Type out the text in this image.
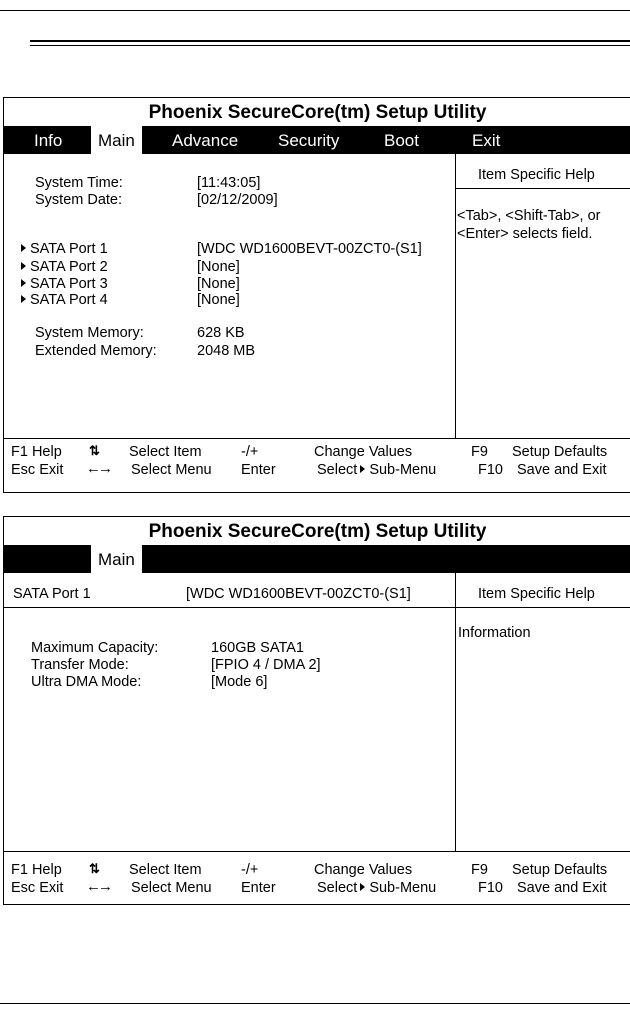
Phoenix SecureCore(tm) Setup Utility
Info	Main	Advance Security	Boot	Exit
Item Specific Help
<Tab>, <Shift-Tab>, or
<Enter> selects field.
System Time:	[11:43:05]
System Date:	[02/12/2009]
SATA Port 1	[WDC WD1600BEVT-00ZCT0-(S1]
SATA Port 2	[None]
SATA Port 3	[None]
SATA Port 4	[None]
System Memory:	628 KB
Extended Memory:	2048 MB
F1 Help ⇅ Select Item	-/+	Change Values	F9 Setup Defaults
Esc Exit ←→ Select Menu Enter	Select Sub-Menu	F10 Save and Exit
Phoenix SecureCore(tm) Setup Utility
Main
SATA Port 1	[WDC WD1600BEVT-00ZCT0-(S1]	Item Specific Help
Information
Maximum Capacity:	160GB SATA1
Transfer Mode:	[FPIO 4 / DMA 2]
Ultra DMA Mode:	[Mode 6]
F1 Help ⇅ Select Item	-/+	Change Values	F9 Setup Defaults
Esc Exit ←→ Select Menu Enter	Select Sub-Menu	F10 Save and Exit
